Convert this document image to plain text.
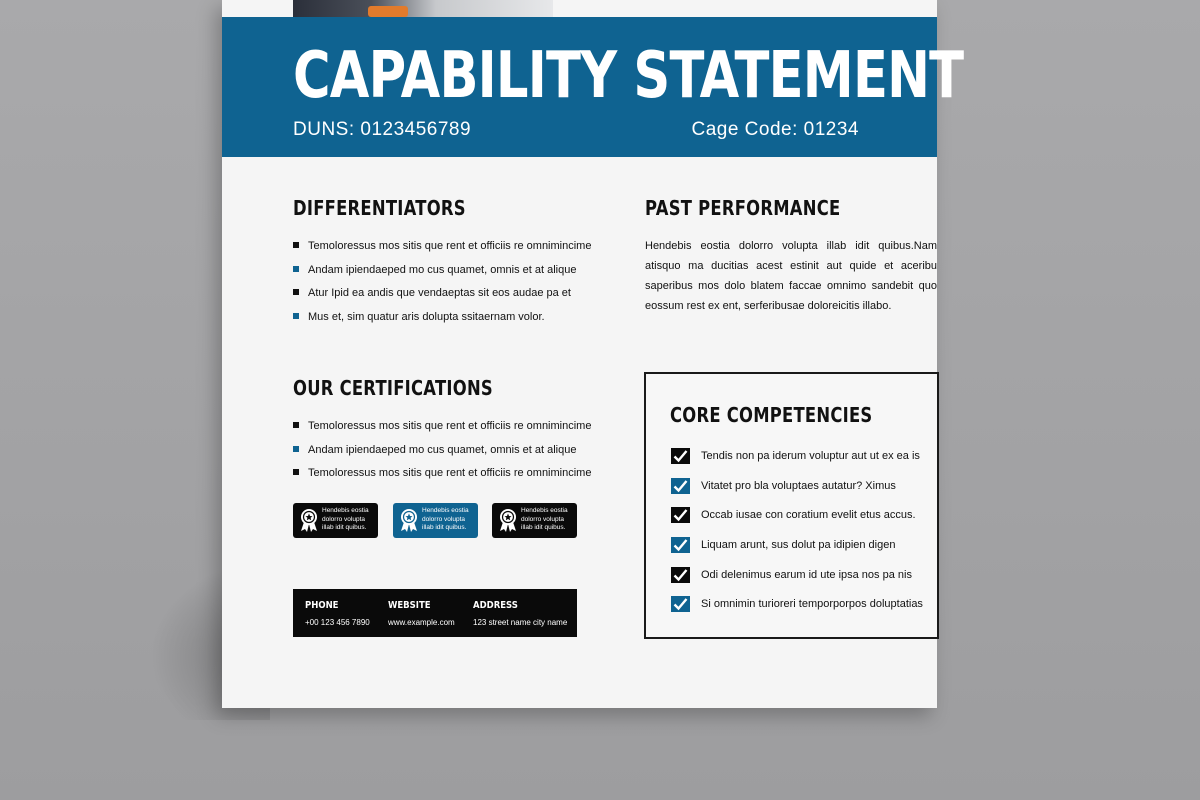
CAPABILITY STATEMENT
DUNS: 0123456789	Cage Code: 01234
DIFFERENTIATORS
Temoloressus mos sitis que rent et officiis re omnimincime
Andam ipiendaeped mo cus quamet, omnis et at alique
Atur Ipid ea andis que vendaeptas sit eos audae pa et
Mus et, sim quatur aris dolupta ssitaernam volor.
PAST PERFORMANCE
Hendebis eostia dolorro volupta illab idit quibus.Nam atisquo ma ducitias acest estinit aut quide et aceribu saperibus mos dolo blatem faccae omnimo sandebit quo eossum rest ex ent, serferibusae doloreicitis illabo.
OUR CERTIFICATIONS
Temoloressus mos sitis que rent et officiis re omnimincime
Andam ipiendaeped mo cus quamet, omnis et at alique
Temoloressus mos sitis que rent et officiis re omnimincime
Hendebis eostia dolorro volupta illab idit quibus.
Hendebis eostia dolorro volupta illab idit quibus.
Hendebis eostia dolorro volupta illab idit quibus.
PHONE
+00 123 456 7890
WEBSITE
www.example.com
ADDRESS
123 street name city name
CORE COMPETENCIES
Tendis non pa iderum voluptur aut ut ex ea is
Vitatet pro bla voluptaes autatur? Ximus
Occab iusae con coratium evelit etus accus.
Liquam arunt, sus dolut pa idipien digen
Odi delenimus earum id ute ipsa nos pa nis
Si omnimin turioreri temporporpos doluptatias
